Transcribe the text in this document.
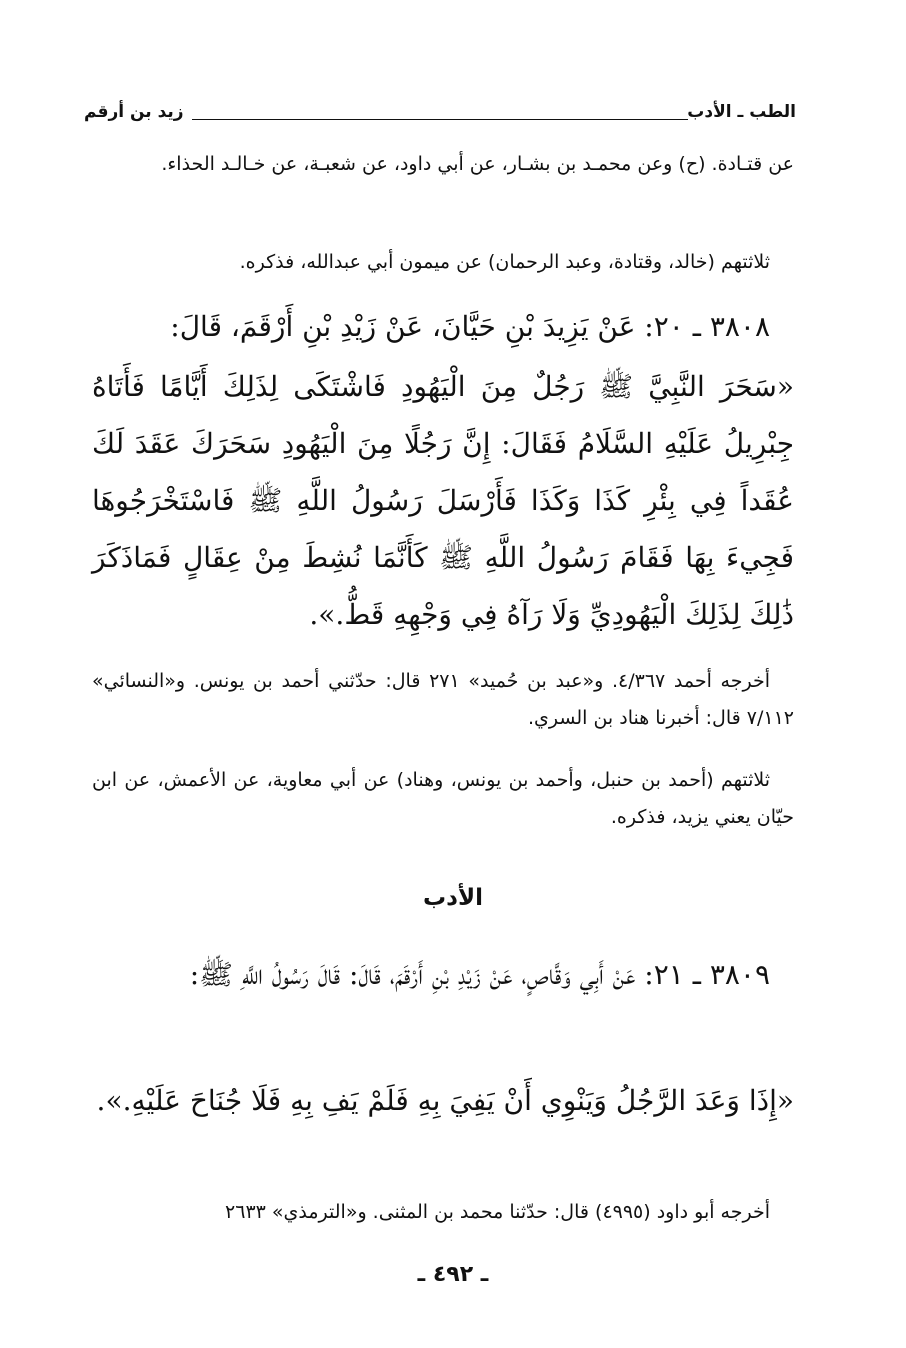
الطب ـ الأدب
زيد بن أرقم

عن قتـادة. (ح) وعن محمـد بن بشـار، عن أبي داود، عن شعبـة، عن خـالـد الحذاء.

ثلاثتهم (خالد، وقتادة، وعبد الرحمان) عن ميمون أبي عبدالله، فذكره.

٣٨٠٨ ـ ٢٠: عَنْ يَزِيدَ بْنِ حَيَّانَ، عَنْ زَيْدِ بْنِ أَرْقَمَ، قَالَ:

«سَحَرَ النَّبِيَّ ﷺ رَجُلٌ مِنَ الْيَهُودِ فَاشْتَكَى لِذَلِكَ أَيَّامًا فَأَتَاهُ جِبْرِيلُ عَلَيْهِ السَّلَامُ فَقَالَ: إِنَّ رَجُلًا مِنَ الْيَهُودِ سَحَرَكَ عَقَدَ لَكَ عُقَداً فِي بِئْرِ كَذَا وَكَذَا فَأَرْسَلَ رَسُولُ اللَّهِ ﷺ فَاسْتَخْرَجُوهَا فَجِيءَ بِهَا فَقَامَ رَسُولُ اللَّهِ ﷺ كَأَنَّمَا نُشِطَ مِنْ عِقَالٍ فَمَاذَكَرَ ذَٰلِكَ لِذَلِكَ الْيَهُودِيِّ وَلَا رَآهُ فِي وَجْهِهِ قَطُّ.».

أخرجه أحمد ٤/٣٦٧. و«عبد بن حُميد» ٢٧١ قال: حدّثني أحمد بن يونس. و«النسائي» ٧/١١٢ قال: أخبرنا هناد بن السري.

ثلاثتهم (أحمد بن حنبل، وأحمد بن يونس، وهناد) عن أبي معاوية، عن الأعمش، عن ابن حيّان يعني يزيد، فذكره.

الأدب

٣٨٠٩ ـ ٢١: عَنْ أَبِي وَقَّاصٍ، عَنْ زَيْدِ بْنِ أَرْقَمَ، قَالَ: قَالَ رَسُولُ اللَّهِ ﷺ:

«إِذَا وَعَدَ الرَّجُلُ وَيَنْوِي أَنْ يَفِيَ بِهِ فَلَمْ يَفِ بِهِ فَلَا جُنَاحَ عَلَيْهِ.».

أخرجه أبو داود (٤٩٩٥) قال: حدّثنا محمد بن المثنى. و«الترمذي» ٢٦٣٣

ـ ٤٩٢ ـ
